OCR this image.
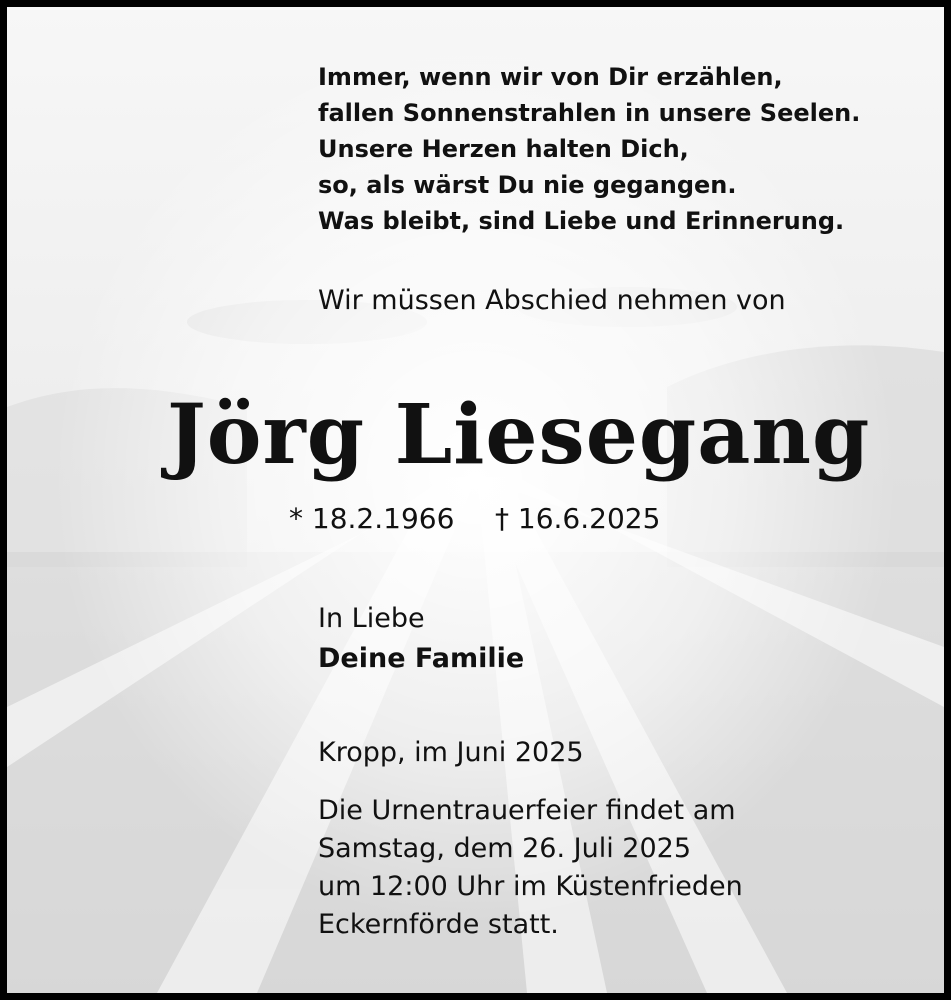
Immer, wenn wir von Dir erzählen,
fallen Sonnenstrahlen in unsere Seelen.
Unsere Herzen halten Dich,
so, als wärst Du nie gegangen.
Was bleibt, sind Liebe und Erinnerung.
Wir müssen Abschied nehmen von
Jörg Liesegang
* 18.2.1966 † 16.6.2025
In Liebe
Deine Familie
Kropp, im Juni 2025
Die Urnentrauerfeier findet am
Samstag, dem 26. Juli 2025
um 12:00 Uhr im Küstenfrieden
Eckernförde statt.
